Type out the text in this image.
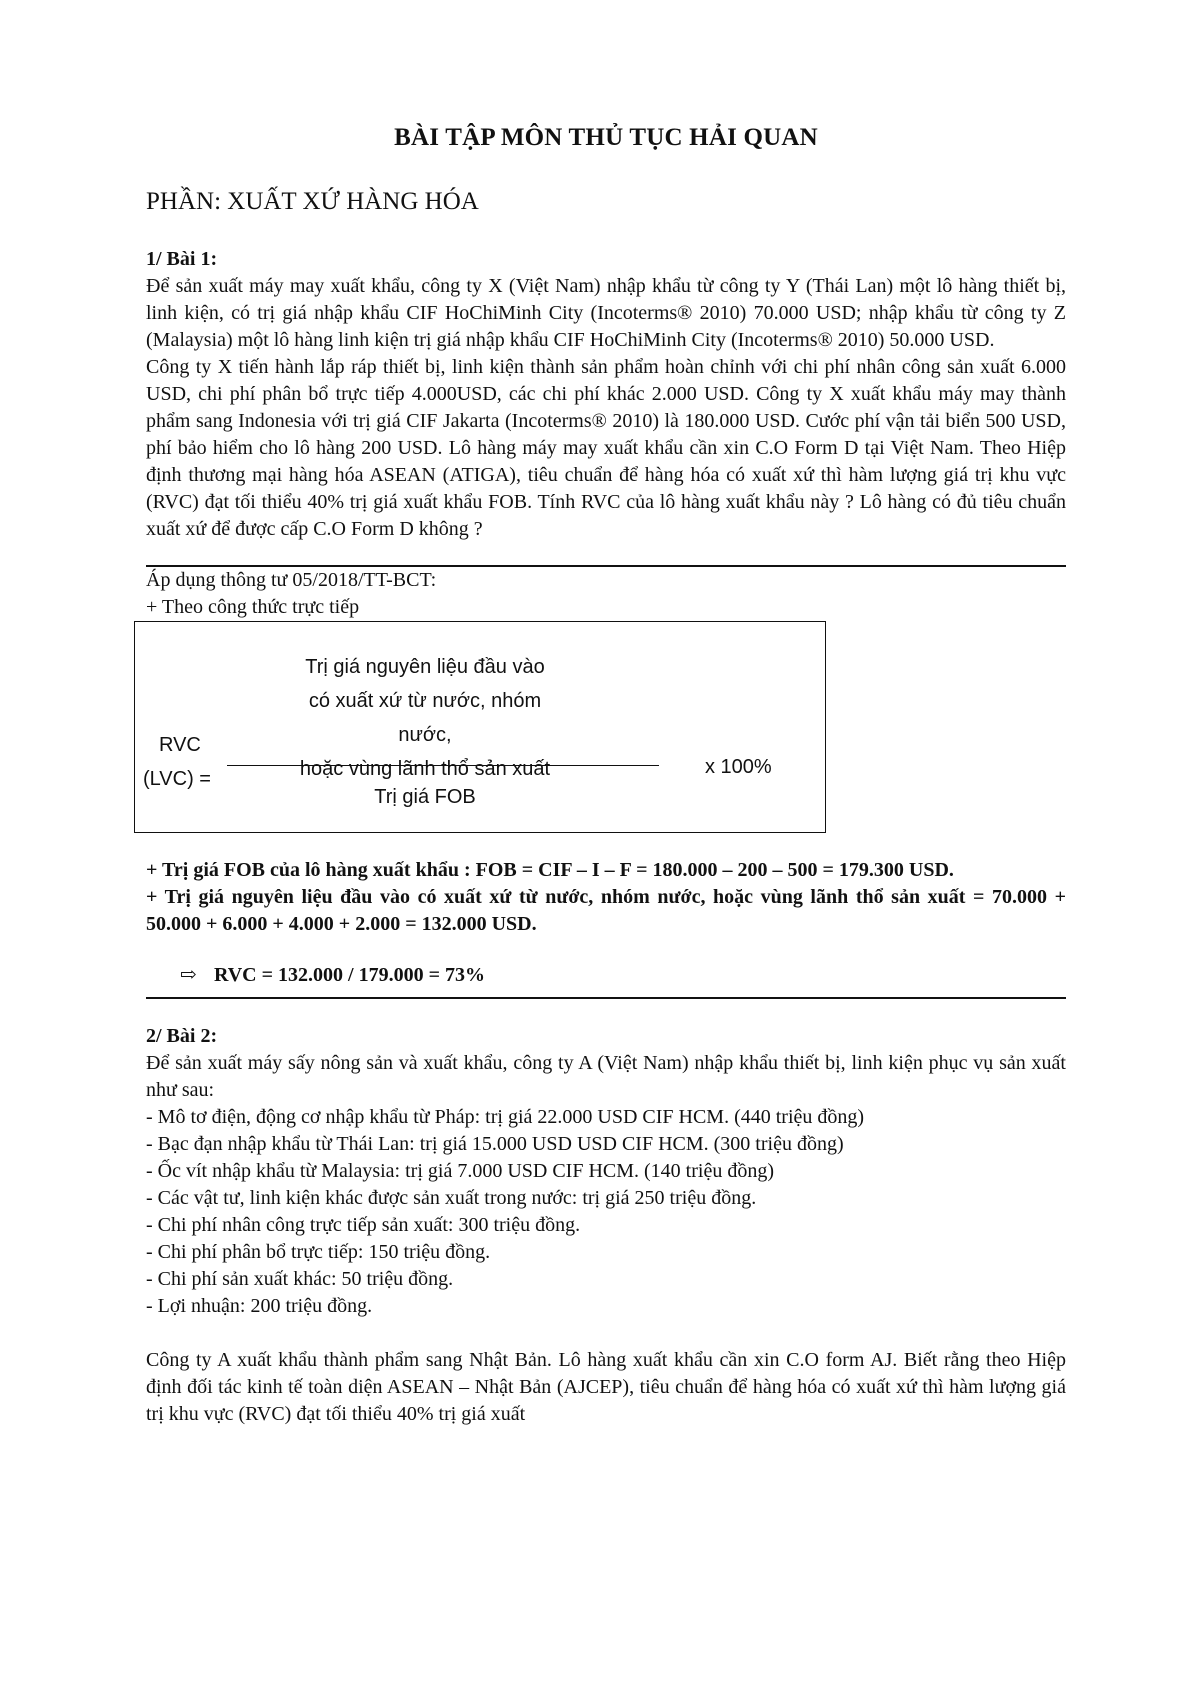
BÀI TẬP MÔN THỦ TỤC HẢI QUAN
PHẦN: XUẤT XỨ HÀNG HÓA
1/ Bài 1:

Để sản xuất máy may xuất khẩu, công ty X (Việt Nam) nhập khẩu từ công ty Y (Thái Lan) một lô hàng thiết bị, linh kiện, có trị giá nhập khẩu CIF HoChiMinh City (Incoterms® 2010) 70.000 USD; nhập khẩu từ công ty Z (Malaysia) một lô hàng linh kiện trị giá nhập khẩu CIF HoChiMinh City (Incoterms® 2010) 50.000 USD.

Công ty X tiến hành lắp ráp thiết bị, linh kiện thành sản phẩm hoàn chỉnh với chi phí nhân công sản xuất 6.000 USD, chi phí phân bổ trực tiếp 4.000USD, các chi phí khác 2.000 USD. Công ty X xuất khẩu máy may thành phẩm sang Indonesia với trị giá CIF Jakarta (Incoterms® 2010) là 180.000 USD. Cước phí vận tải biển 500 USD, phí bảo hiểm cho lô hàng 200 USD. Lô hàng máy may xuất khẩu cần xin C.O Form D tại Việt Nam. Theo Hiệp định thương mại hàng hóa ASEAN (ATIGA), tiêu chuẩn để hàng hóa có xuất xứ thì hàm lượng giá trị khu vực (RVC) đạt tối thiểu 40% trị giá xuất khẩu FOB. Tính RVC của lô hàng xuất khẩu này ? Lô hàng có đủ tiêu chuẩn xuất xứ để được cấp C.O Form D không ?

Áp dụng thông tư 05/2018/TT-BCT:
+ Theo công thức trực tiếp
Trị giá nguyên liệu đầu vào
có xuất xứ từ nước, nhóm nước,
hoặc vùng lãnh thổ sản xuất
RVC
(LVC) =
Trị giá FOB
x 100%

+ Trị giá FOB của lô hàng xuất khẩu : FOB = CIF – I – F = 180.000 – 200 – 500 = 179.300 USD.

+ Trị giá nguyên liệu đầu vào có xuất xứ từ nước, nhóm nước, hoặc vùng lãnh thổ sản xuất = 70.000 + 50.000 + 6.000 + 4.000 + 2.000 = 132.000 USD.

⇨ RVC = 132.000 / 179.000 = 73%
2/ Bài 2:

Để sản xuất máy sấy nông sản và xuất khẩu, công ty A (Việt Nam) nhập khẩu thiết bị, linh kiện phục vụ sản xuất như sau:

- Mô tơ điện, động cơ nhập khẩu từ Pháp: trị giá 22.000 USD CIF HCM. (440 triệu đồng)
- Bạc đạn nhập khẩu từ Thái Lan: trị giá 15.000 USD USD CIF HCM. (300 triệu đồng)
- Ốc vít nhập khẩu từ Malaysia: trị giá 7.000 USD CIF HCM. (140 triệu đồng)
- Các vật tư, linh kiện khác được sản xuất trong nước: trị giá 250 triệu đồng.
- Chi phí nhân công trực tiếp sản xuất: 300 triệu đồng.
- Chi phí phân bổ trực tiếp: 150 triệu đồng.
- Chi phí sản xuất khác: 50 triệu đồng.
- Lợi nhuận: 200 triệu đồng.

Công ty A xuất khẩu thành phẩm sang Nhật Bản. Lô hàng xuất khẩu cần xin C.O form AJ. Biết rằng theo Hiệp định đối tác kinh tế toàn diện ASEAN – Nhật Bản (AJCEP), tiêu chuẩn để hàng hóa có xuất xứ thì hàm lượng giá trị khu vực (RVC) đạt tối thiểu 40% trị giá xuất
